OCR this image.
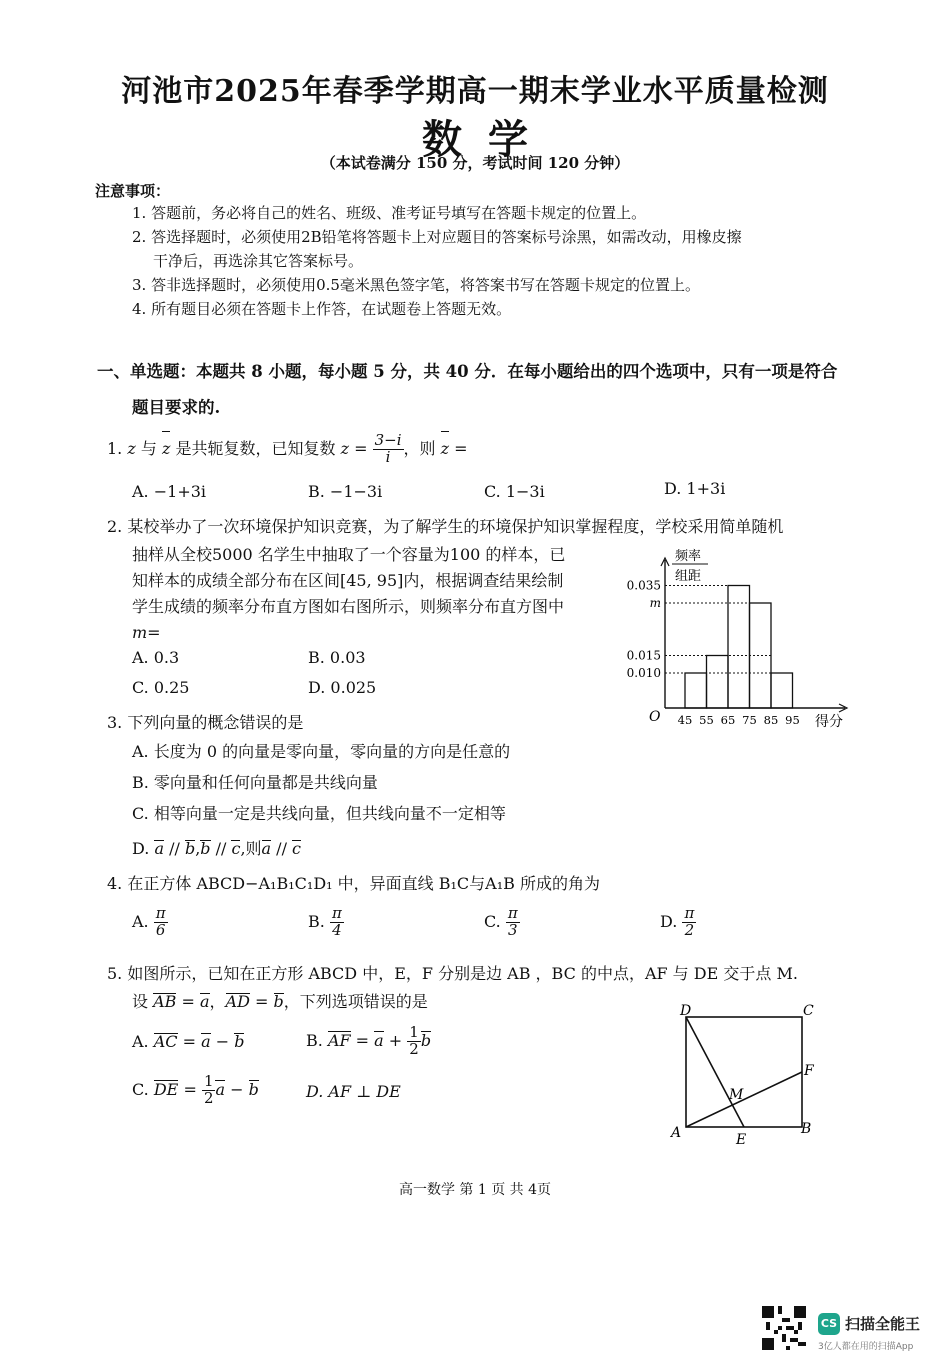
河池市2025年春季学期高一期末学业水平质量检测
数学
（本试卷满分 150 分，考试时间 120 分钟）
注意事项：
1. 答题前，务必将自己的姓名、班级、准考证号填写在答题卡规定的位置上。
2. 答选择题时，必须使用2B铅笔将答题卡上对应题目的答案标号涂黑，如需改动，用橡皮擦
干净后，再选涂其它答案标号。
3. 答非选择题时，必须使用0.5毫米黑色签字笔，将答案书写在答题卡规定的位置上。
4. 所有题目必须在答题卡上作答，在试题卷上答题无效。
一、单选题：本题共 8 小题，每小题 5 分，共 40 分．在每小题给出的四个选项中，只有一项是符合
题目要求的.
1. z 与 z 是共轭复数，已知复数 $z = \frac{3-i}{i}$ ，则 z =
A. −1+3i	B. −1−3i	C. 1−3i	D. 1+3i
2. 某校举办了一次环境保护知识竞赛，为了解学生的环境保护知识掌握程度，学校采用简单随机
抽样从全校5000 名学生中抽取了一个容量为100 的样本，已
知样本的成绩全部分布在区间[45, 95]内，根据调查结果绘制
学生成绩的频率分布直方图如右图所示，则频率分布直方图中
m=
A. 0.3	B. 0.03
C. 0.25	D. 0.025
频率
组距
0.035
m
0.015
0.010
45 55 65 75 85 95
O	得分
3. 下列向量的概念错误的是
A. 长度为 0 的向量是零向量，零向量的方向是任意的
B. 零向量和任何向量都是共线向量
C. 相等向量一定是共线向量，但共线向量不一定相等
D. a // b,b // c,则a // c
4. 在正方体 ABCD−A₁B₁C₁D₁ 中，异面直线 B₁C与A₁B 所成的角为
A. $\frac{\pi}{6}$	B. $\frac{\pi}{4}$	C. $\frac{\pi}{3}$	D. $\frac{\pi}{2}$
5. 如图所示，已知在正方形 ABCD 中，E，F 分别是边 AB ，BC 的中点，AF 与 DE 交于点 M.
设 AB = a，AD = b，下列选项错误的是
A. AC = a − b	B. AF = $a + \frac{1}{2}$ b
C. DE = $\frac{1}{2}$ a − b	D. AF ⊥ DE
D	C
F
M
A	E
B
高一数学 第 1 页 共 4页
CS 扫描全能王
3亿人都在用的扫描App
